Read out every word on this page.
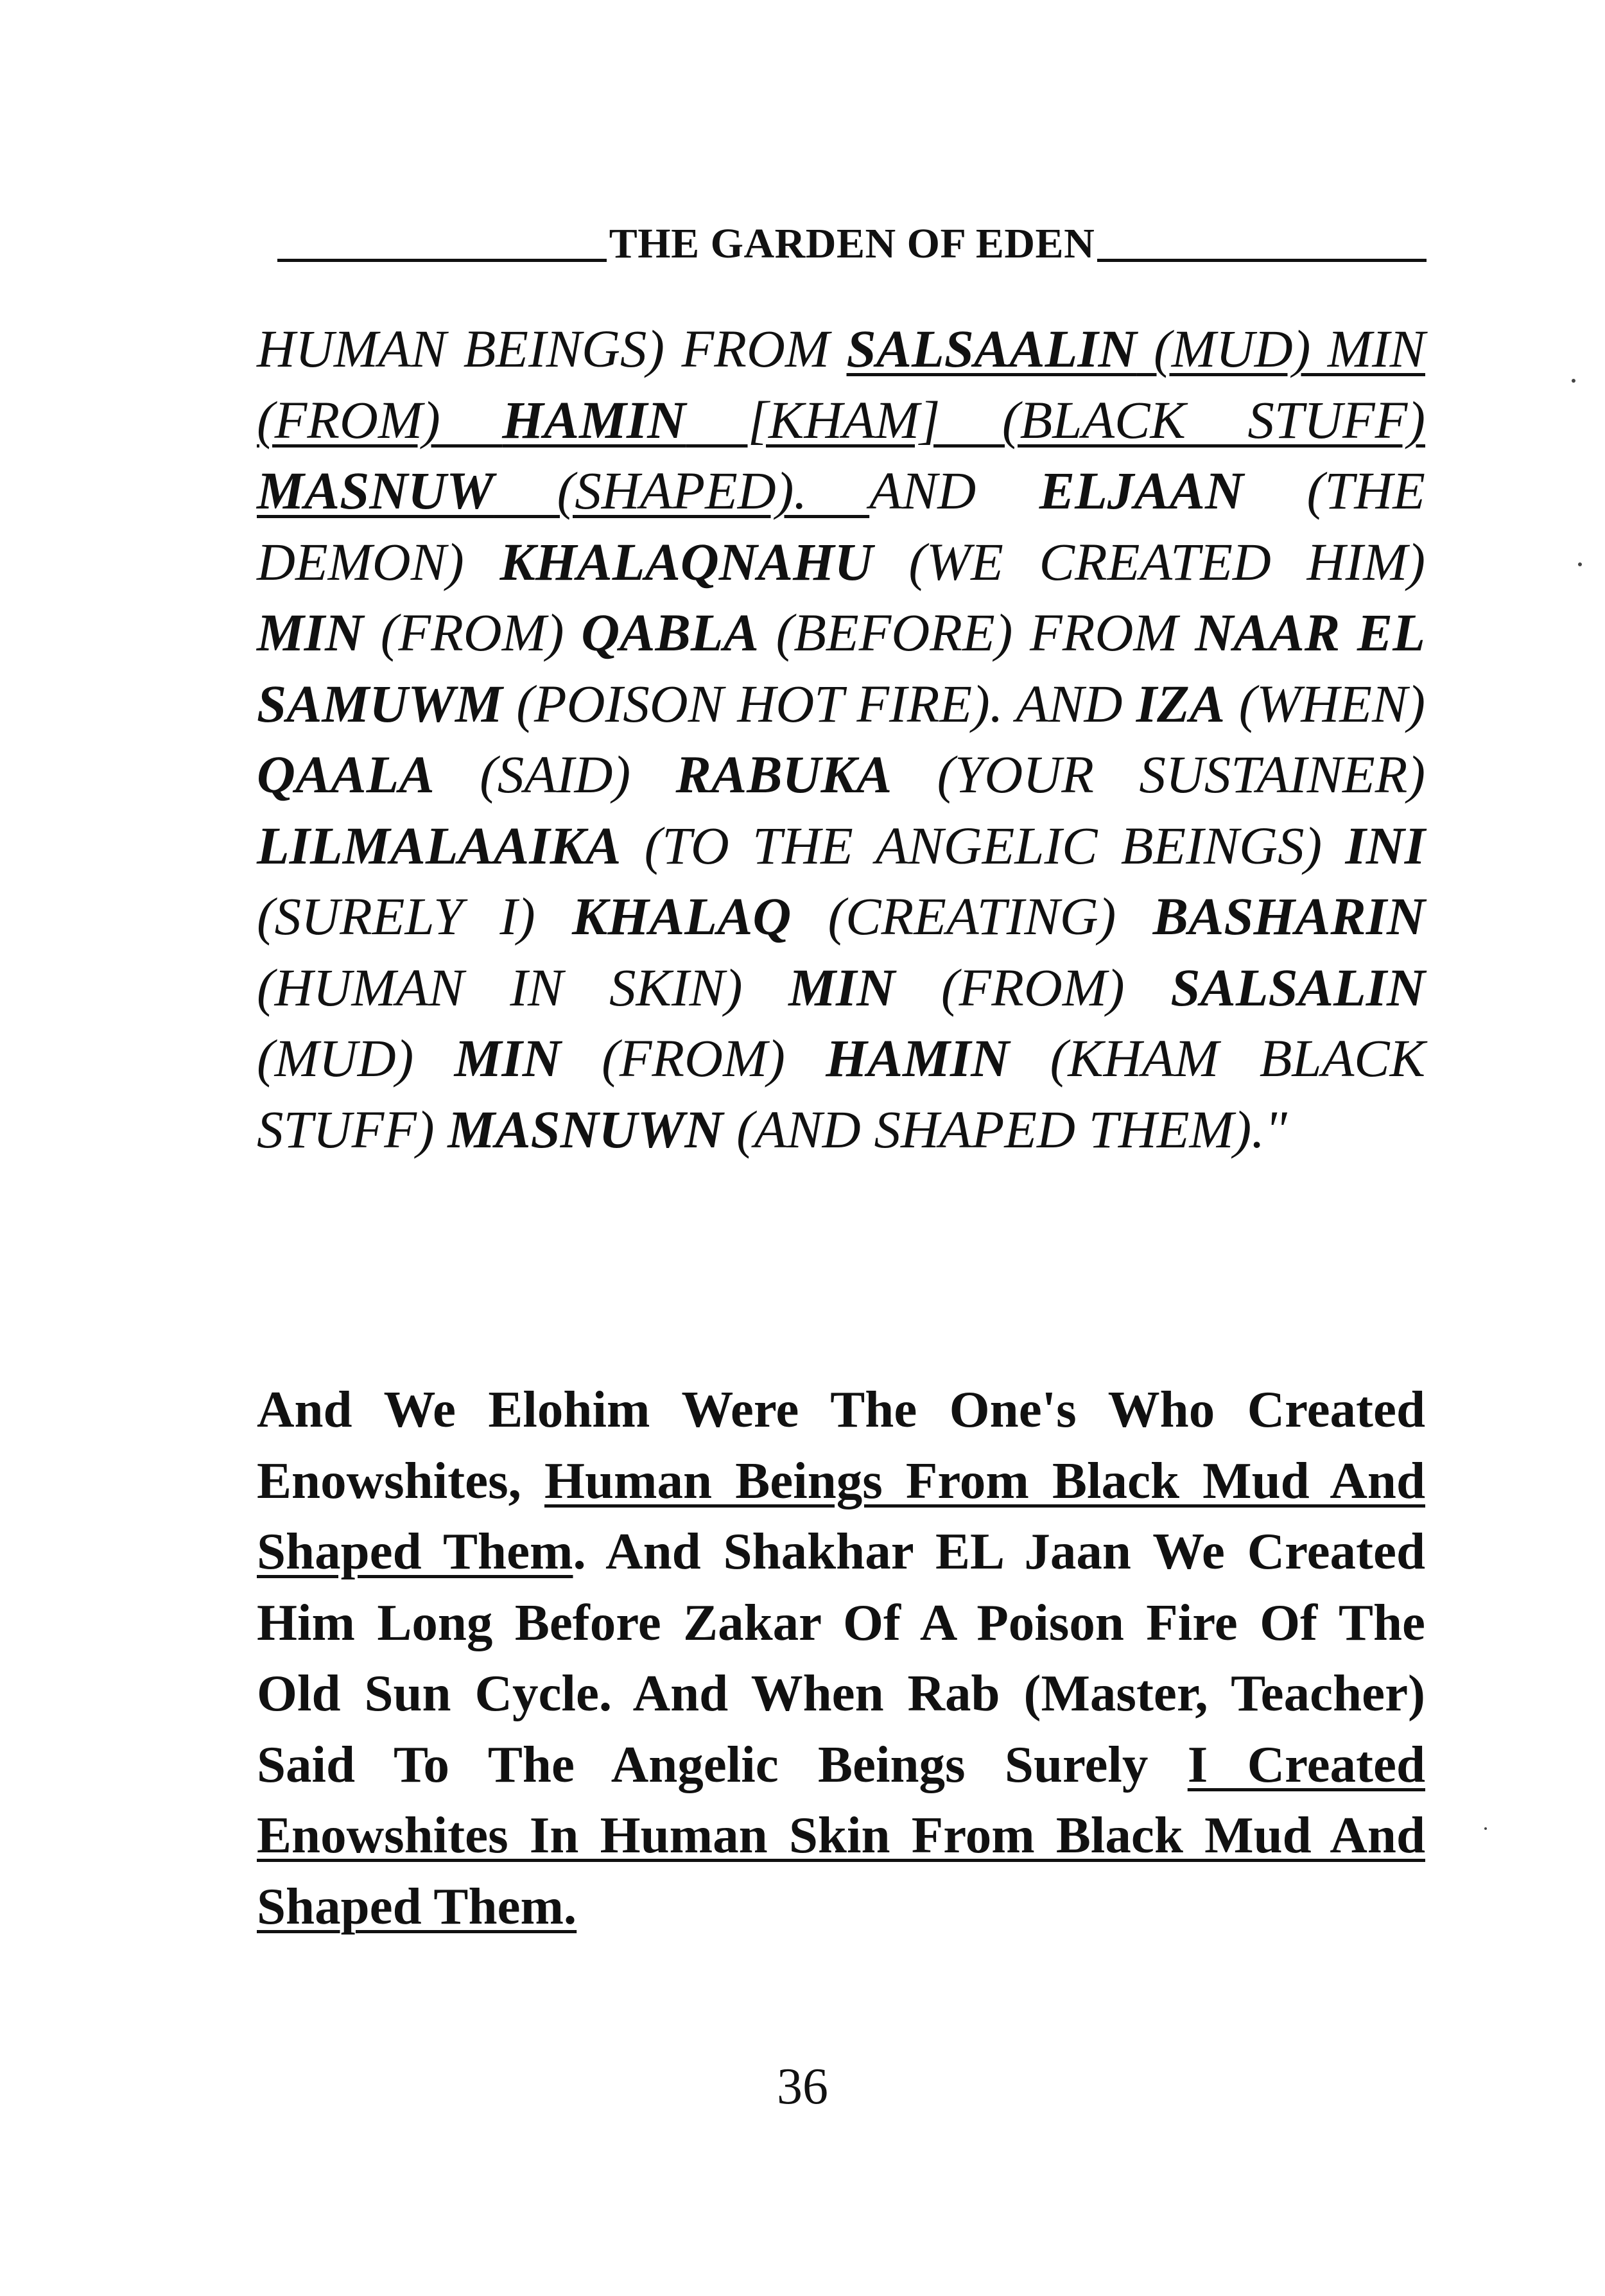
THE GARDEN OF EDEN
HUMAN BEINGS) FROM SALSAALIN (MUD) MIN (FROM) HAMIN [KHAM] (BLACK STUFF) MASNUW (SHAPED). AND ELJAAN (THE DEMON) KHALAQNAHU (WE CREATED HIM) MIN (FROM) QABLA (BEFORE) FROM NAAR EL SAMUWM (POISON HOT FIRE). AND IZA (WHEN) QAALA (SAID) RABUKA (YOUR SUSTAINER) LILMALAAIKA (TO THE ANGELIC BEINGS) INI (SURELY I) KHALAQ (CREATING) BASHARIN (HUMAN IN SKIN) MIN (FROM) SALSALIN (MUD) MIN (FROM) HAMIN (KHAM BLACK STUFF) MASNUWN (AND SHAPED THEM)."
And We Elohim Were The One's Who Created Enowshites, Human Beings From Black Mud And Shaped Them. And Shakhar EL Jaan We Created Him Long Before Zakar Of A Poison Fire Of The Old Sun Cycle. And When Rab (Master, Teacher) Said To The Angelic Beings Surely I Created Enowshites In Human Skin From Black Mud And Shaped Them.
36
